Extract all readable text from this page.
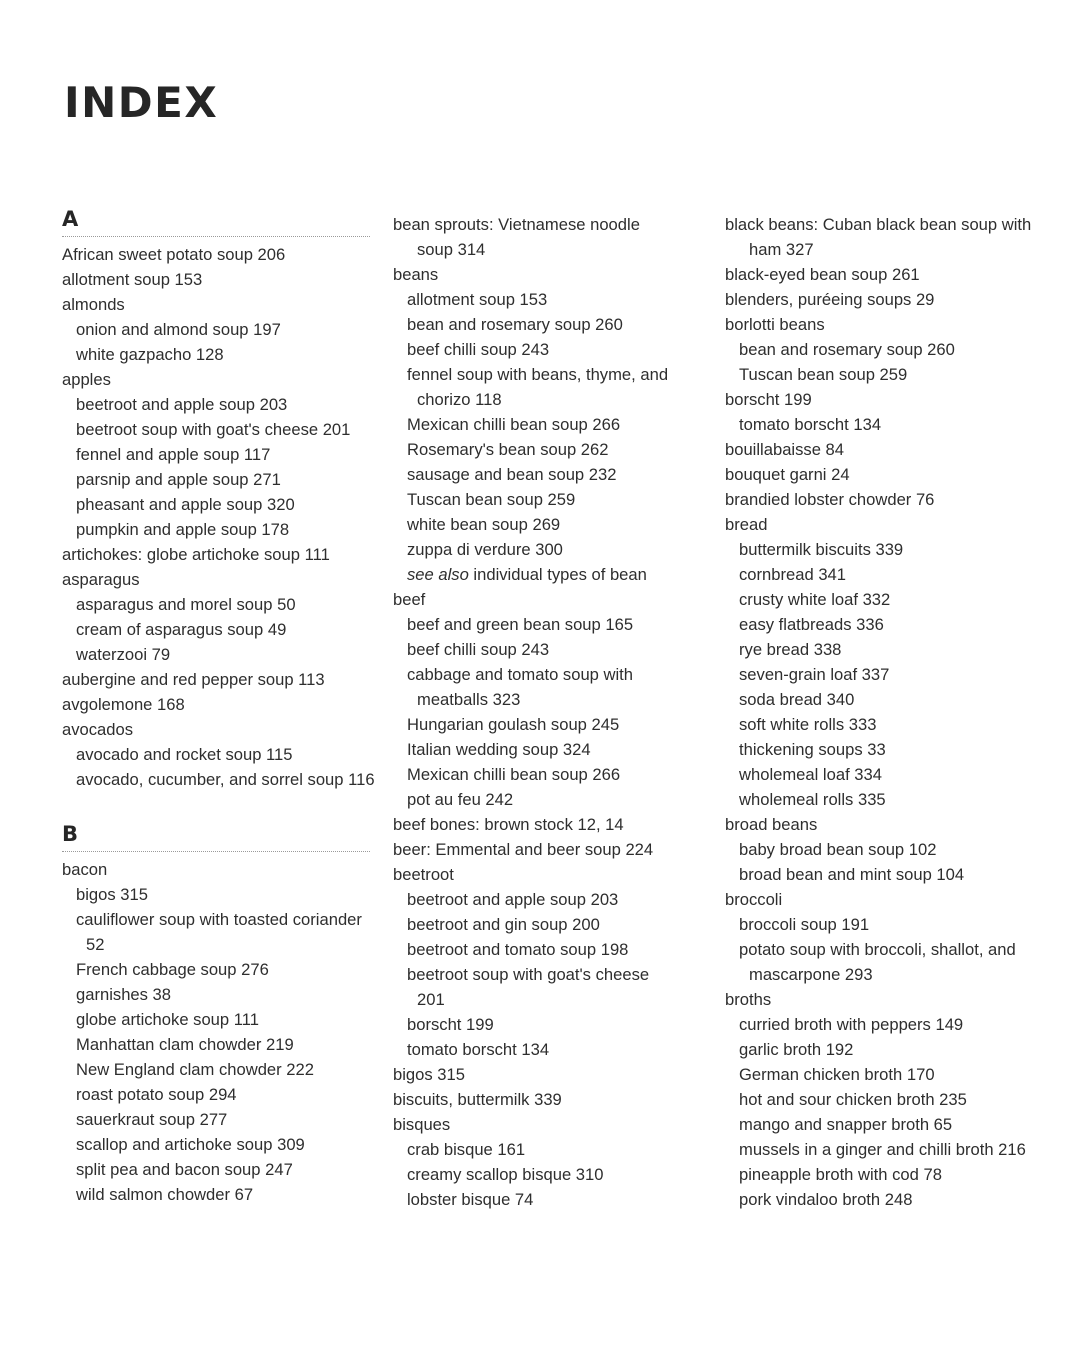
INDEX
A
African sweet potato soup 206
allotment soup 153
almonds
onion and almond soup 197
white gazpacho 128
apples
beetroot and apple soup 203
beetroot soup with goat's cheese 201
fennel and apple soup 117
parsnip and apple soup 271
pheasant and apple soup 320
pumpkin and apple soup 178
artichokes: globe artichoke soup 111
asparagus
asparagus and morel soup 50
cream of asparagus soup 49
waterzooi 79
aubergine and red pepper soup 113
avgolemone 168
avocados
avocado and rocket soup 115
avocado, cucumber, and sorrel soup 116
B
bacon
bigos 315
cauliflower soup with toasted coriander
52
French cabbage soup 276
garnishes 38
globe artichoke soup 111
Manhattan clam chowder 219
New England clam chowder 222
roast potato soup 294
sauerkraut soup 277
scallop and artichoke soup 309
split pea and bacon soup 247
wild salmon chowder 67
bean sprouts: Vietnamese noodle
soup 314
beans
allotment soup 153
bean and rosemary soup 260
beef chilli soup 243
fennel soup with beans, thyme, and
chorizo 118
Mexican chilli bean soup 266
Rosemary's bean soup 262
sausage and bean soup 232
Tuscan bean soup 259
white bean soup 269
zuppa di verdure 300
see also individual types of bean
beef
beef and green bean soup 165
beef chilli soup 243
cabbage and tomato soup with
meatballs 323
Hungarian goulash soup 245
Italian wedding soup 324
Mexican chilli bean soup 266
pot au feu 242
beef bones: brown stock 12, 14
beer: Emmental and beer soup 224
beetroot
beetroot and apple soup 203
beetroot and gin soup 200
beetroot and tomato soup 198
beetroot soup with goat's cheese
201
borscht 199
tomato borscht 134
bigos 315
biscuits, buttermilk 339
bisques
crab bisque 161
creamy scallop bisque 310
lobster bisque 74
black beans: Cuban black bean soup with
ham 327
black-eyed bean soup 261
blenders, puréeing soups 29
borlotti beans
bean and rosemary soup 260
Tuscan bean soup 259
borscht 199
tomato borscht 134
bouillabaisse 84
bouquet garni 24
brandied lobster chowder 76
bread
buttermilk biscuits 339
cornbread 341
crusty white loaf 332
easy flatbreads 336
rye bread 338
seven-grain loaf 337
soda bread 340
soft white rolls 333
thickening soups 33
wholemeal loaf 334
wholemeal rolls 335
broad beans
baby broad bean soup 102
broad bean and mint soup 104
broccoli
broccoli soup 191
potato soup with broccoli, shallot, and
mascarpone 293
broths
curried broth with peppers 149
garlic broth 192
German chicken broth 170
hot and sour chicken broth 235
mango and snapper broth 65
mussels in a ginger and chilli broth 216
pineapple broth with cod 78
pork vindaloo broth 248
